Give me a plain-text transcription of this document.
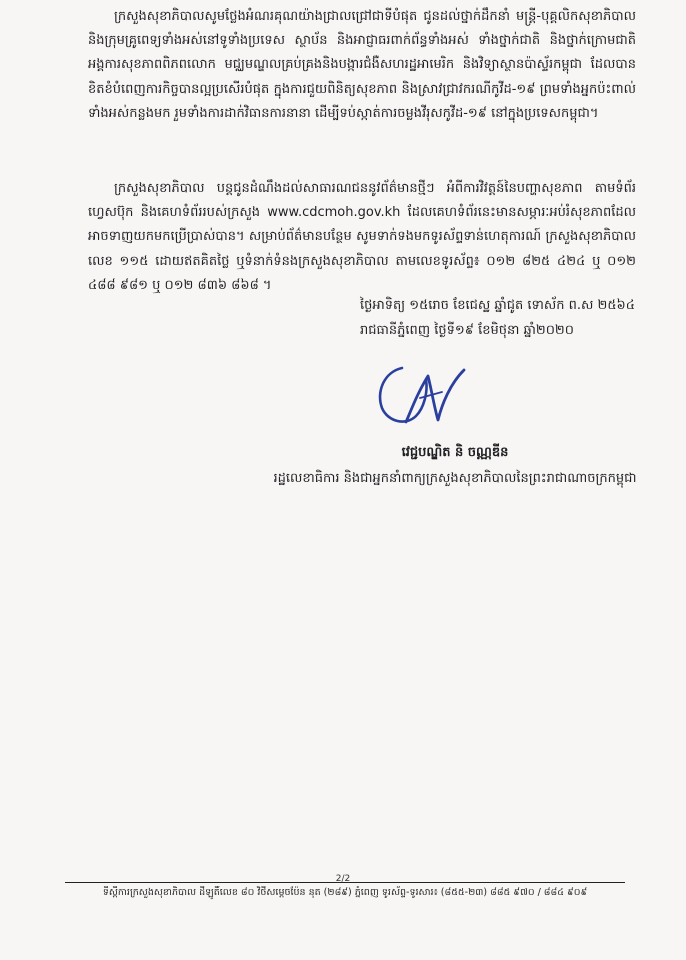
ក្រសួងសុខាភិបាលសូមថ្លែងអំណរគុណយ៉ាងជ្រាលជ្រៅជាទីបំផុត ជូនដល់ថ្នាក់ដឹកនាំ មន្ត្រី-បុគ្គលិកសុខាភិបាល និងក្រុមគ្រូពេទ្យទាំងអស់នៅទូទាំងប្រទេស ស្ថាប័ន និងអាជ្ញាធរពាក់ព័ន្ធទាំងអស់ ទាំងថ្នាក់ជាតិ និងថ្នាក់ក្រោមជាតិ អង្គការសុខភាពពិភពលោក មជ្ឈមណ្ឌលគ្រប់គ្រងនិងបង្ការជំងឺសហរដ្ឋអាមេរិក និងវិទ្យាស្ថានប៉ាស្ទ័រកម្ពុជា ដែលបានខិតខំបំពេញការកិច្ចបានល្អប្រសើរបំផុត ក្នុងការជួយពិនិត្យសុខភាព និងស្រាវជ្រាវករណីកូវីដ-១៩ ព្រមទាំងអ្នកប៉ះពាល់ទាំងអស់កន្លងមក រួមទាំងការដាក់វិធានការនានា ដើម្បីទប់ស្កាត់ការចម្លងវីរុសកូវីដ-១៩ នៅក្នុងប្រទេសកម្ពុជា។

ក្រសួងសុខាភិបាល បន្តជូនដំណឹងដល់សាធារណជននូវព័ត៌មានថ្មីៗ អំពីការវិវត្តន៍នៃបញ្ហាសុខភាព តាមទំព័រហ្វេសប៊ុក និងគេហទំព័ររបស់ក្រសួង www.cdcmoh.gov.kh ដែលគេហទំព័រនេះមានសម្ភារៈអប់រំសុខភាពដែលអាចទាញយកមកប្រើប្រាស់បាន។ សម្រាប់ព័ត៌មានបន្ថែម សូមទាក់ទងមកទូរស័ព្ទទាន់ហេតុការណ៍ ក្រសួងសុខាភិបាល លេខ ១១៥ ដោយឥតគិតថ្លៃ ឬទំនាក់ទំនងក្រសួងសុខាភិបាល តាមលេខទូរស័ព្ទ៖ ០១២ ៨២៥ ៤២៤ ឬ ០១២ ៤៨៨ ៩៨១ ឬ ០១២ ៨៣៦ ៨៦៨ ។

ថ្ងៃអាទិត្យ ១៥រោច ខែជេស្ឋ ឆ្នាំជូត ទោស័ក ព.ស ២៥៦៤
រាជធានីភ្នំពេញ ថ្ងៃទី១៩ ខែមិថុនា ឆ្នាំ២០២០
វេជ្ជបណ្ឌិត និ ចណ្ណឌីន
រដ្ឋលេខាធិការ និងជាអ្នកនាំពាក្យក្រសួងសុខាភិបាលនៃព្រះរាជាណាចក្រកម្ពុជា
2/2
ទីស្តីការក្រសួងសុខាភិបាល ដីឡូតិ៍លេខ ៨០ វិថីសម្តេចប៉ែន នុត (២៨៩) ភ្នំពេញ ទូរស័ព្ទ-ទូរសារ៖ (៨៥៥-២៣) ៨៨៥ ៩៧០ / ៨៨៤ ៩០៩
